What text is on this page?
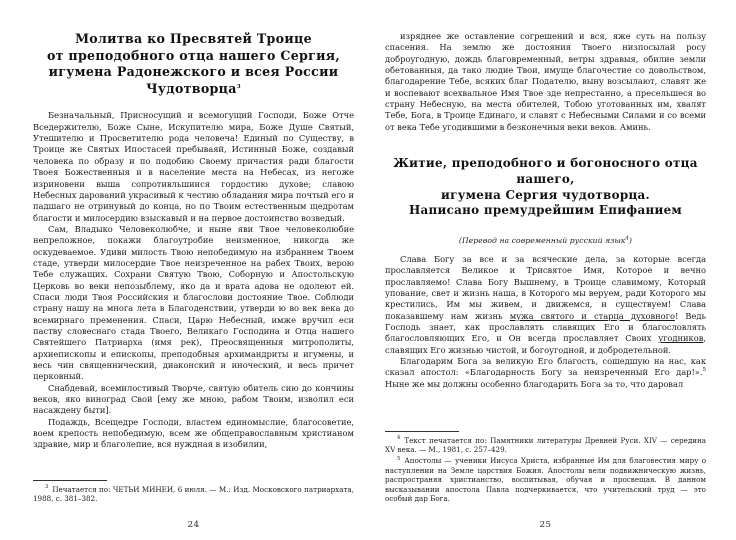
Молитва ко Пресвятей Троице
от преподобного отца нашего Сергия,
игумена Радонежского и всея России Чудотворца$^3$

Безначальный, Присносущий и всемогущий Господи, Боже Отче Вседержителю, Боже Сыне, Искупителю мира, Боже Душе Святый, Утешителю и Просветителю рода человеча! Единый по Существу, в Троице же Святых Ипостасей пребываяй, Истинный Боже, создавый человека по образу и по подобию Своему причастия ради благости Твоея Божественныя и в население места на Небесах, из негоже изриновени выша сопротивльшиися гордостию духове; славою Небесных дарований украсивый к честию обладания мира почтый его и падшаго не отринувый до конца, но по Твоим естественным щедротам благости и милосердию взыскавый и на первое достоинство возведый.

Сам, Владыко Человеколюбче, и ныне яви Твое человеколюбие непреложное, покажи благоутробие неизменное, никогда же оскудеваемое. Удиви милость Твою непобедимую на избраннем Твоем стаде, утверди милосердие Твое неизреченное на рабех Твоих, верою Тебе служащих. Сохрани Святую Твою, Соборную и Апостольскую Церковь во веки непозыблему, яко да и врата адова не одолеют ей. Спаси люди Твоя Российския и благослови достояние Твое. Соблюди страну нашу на многа лета в Благоденствии, утверди ю во век века до всемирнаго пременения. Спаси, Царю Небесный, имже вручил еси паству словеснаго стада Твоего, Великаго Господина и Отца нашего Святейшего Патриарха (имя рек), Преосвященныя митрополиты, архиепископы и епископы, преподобныя архимандриты и игумены, и весь чин священнический, диаконский и иноческий, и весь причет церковный.

Снабдевай, всемилостивый Творче, святую обитель сию до кончины веков, яко виноград Свой [ему же мною, рабом Твоим, изволил еси насаждену быти].

Подаждь, Всещедре Господи, властем единомыслие, благосоветие, воем крепость непобедимую, всем же общеправославным христианом здравие, мир и благолепие, вся нуждная в изобилии,

$^3$ Печатается по: ЧЕТЬИ МИНЕИ, 6 июля. — М.: Изд. Московского патриархата, 1988, с. 381–382.

24

изряднее же оставление согрешений и вся, яже суть на пользу спасения. На землю же достояния Твоего низпосылай росу доброугодную, дождь благовременный, ветры здравыя, обилие земли обетованныя, да тако людие Твои, имуще благочестие со довольством, благодарение Тебе, всяких благ Подателю, выну возсылают, славят же и воспевают всехвальное Имя Твое зде непрестанно, а пресельшеся во страну Небесную, на места обителей, Тобою уготованных им, хвалят Тебе, Бога, в Троице Единаго, и славят с Небесными Силами и со всеми от века Тебе угодившими в безконечныя веки веков. Аминь.

Житие, преподобного и богоносного отца нашего,
игумена Сергия чудотворца.
Написано премудрейшим Епифанием
(Перевод на современный русский язык$^4$)

Слава Богу за все и за всяческие дела, за которые всегда прославляется Великое и Трисвятое Имя, Которое и вечно прославляемо! Слава Богу Вышнему, в Троице славимому, Который упование, свет и жизнь наша, в Которого мы веруем, ради Которого мы крестились, Им мы живем, и движемся, и существуем! Слава показавшему нам жизнь мужа святого и старца духовного! Ведь Господь знает, как прославлять славящих Его и благословлять благословляющих Его, и Он всегда прославляет Своих угодников, славящих Его жизнью чистой, и богоугодной, и добродетельной.

Благодарим Бога за великую Его благость, сошедшую на нас, как сказал апостол: «Благодарность Богу за неизреченный Его дар!».$^5$ Ныне же мы должны особенно благодарить Бога за то, что даровал

$^4$ Текст печатается по: Памятники литературы Древней Руси. XIV — середина XV века. — М., 1981, с. 257–429.

$^5$ Апостолы — ученики Иисуса Христа, избранные Им для благовестия миру о наступлении на Земле царствия Божия. Апостолы вели подвижническую жизнь, распространяя христианство, воспитывая, обучая и просвещая. В данном высказывании апостола Павла подчеркивается, что учительский труд — это особый дар Бога.

25
